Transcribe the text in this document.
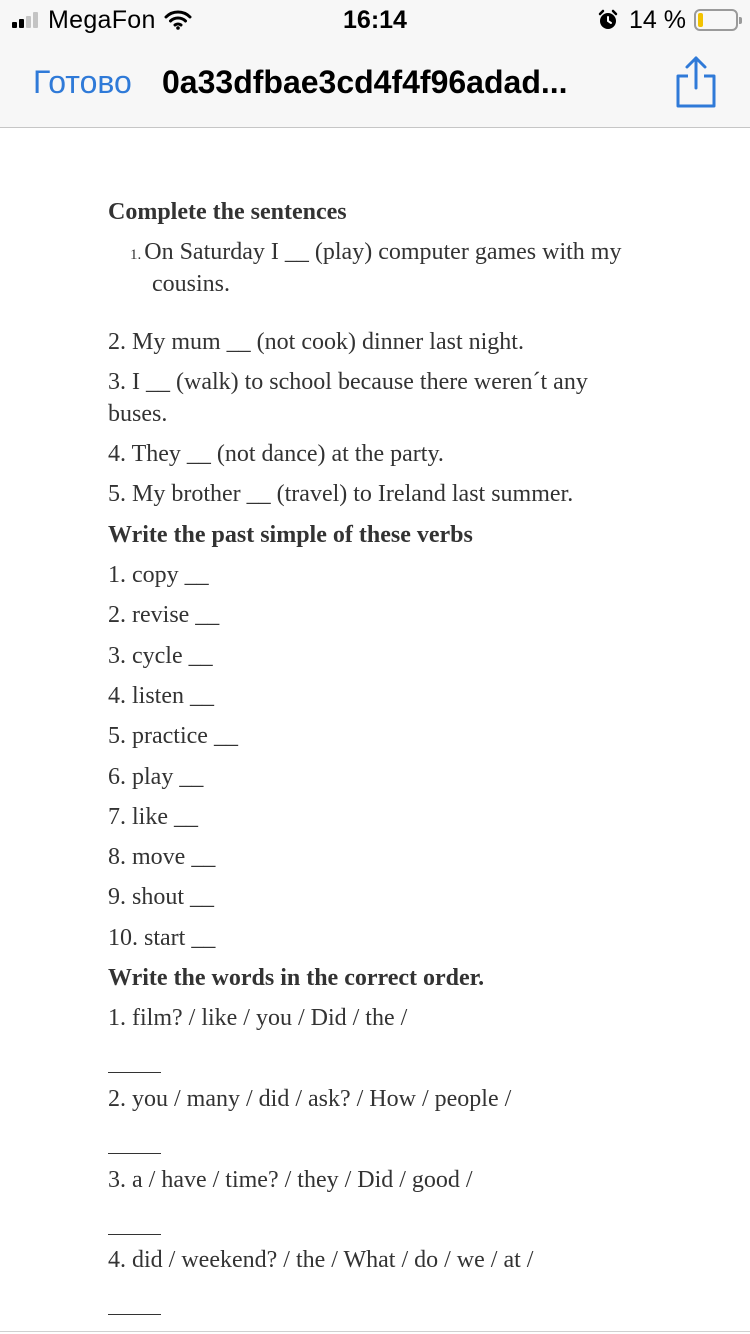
MegaFon	16:14	14 %
Готово 0a33dfbae3cd4f4f96adad...
Complete the sentences
1. On Saturday I __ (play) computer games with my
cousins.
2. My mum __ (not cook) dinner last night.
3. I __ (walk) to school because there weren´t any
buses.
4. They __ (not dance) at the party.
5. My brother __ (travel) to Ireland last summer.
Write the past simple of these verbs
1. copy __
2. revise __
3. cycle __
4. listen __
5. practice __
6. play __
7. like __
8. move __
9. shout __
10. start __
Write the words in the correct order.
1. film? / like / you / Did / the /
2. you / many / did / ask? / How / people /
3. a / have / time? / they / Did / good /
4. did / weekend? / the / What / do / we / at /
